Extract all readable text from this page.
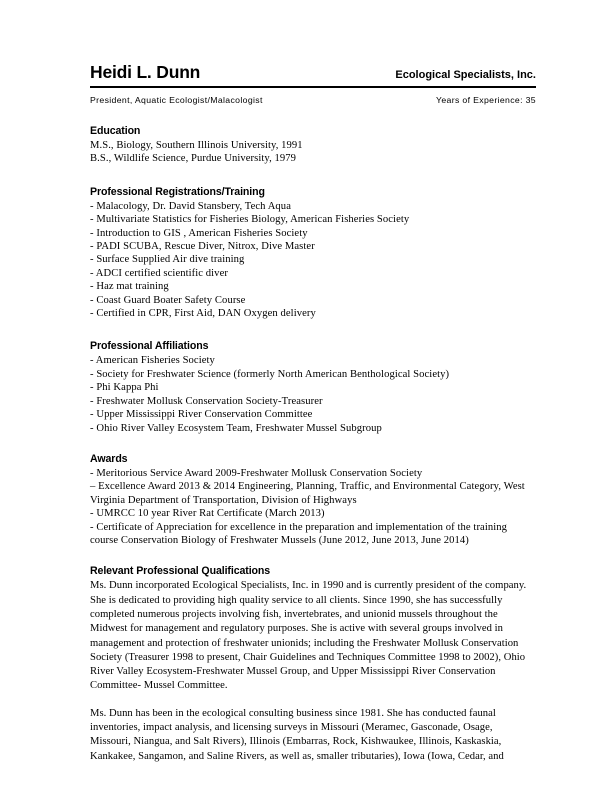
Heidi L. Dunn	Ecological Specialists, Inc.
President, Aquatic Ecologist/Malacologist	Years of Experience: 35
Education
M.S., Biology, Southern Illinois University, 1991
B.S., Wildlife Science, Purdue University, 1979
Professional Registrations/Training
- Malacology, Dr. David Stansbery, Tech Aqua
- Multivariate Statistics for Fisheries Biology, American Fisheries Society
- Introduction to GIS , American Fisheries Society
- PADI SCUBA, Rescue Diver, Nitrox, Dive Master
- Surface Supplied Air dive training
- ADCI certified scientific diver
- Haz mat training
- Coast Guard Boater Safety Course
- Certified in CPR, First Aid, DAN Oxygen delivery
Professional Affiliations
- American Fisheries Society
- Society for Freshwater Science (formerly North American Benthological Society)
- Phi Kappa Phi
- Freshwater Mollusk Conservation Society-Treasurer
- Upper Mississippi River Conservation Committee
- Ohio River Valley Ecosystem Team, Freshwater Mussel Subgroup
Awards
- Meritorious Service Award 2009-Freshwater Mollusk Conservation Society
– Excellence Award 2013 & 2014 Engineering, Planning, Traffic, and Environmental Category, West Virginia Department of Transportation, Division of Highways
- UMRCC 10 year River Rat Certificate (March 2013)
- Certificate of Appreciation for excellence in the preparation and implementation of the training course Conservation Biology of Freshwater Mussels (June 2012, June 2013, June 2014)
Relevant Professional Qualifications
Ms. Dunn incorporated Ecological Specialists, Inc. in 1990 and is currently president of the company. She is dedicated to providing high quality service to all clients. Since 1990, she has successfully completed numerous projects involving fish, invertebrates, and unionid mussels throughout the Midwest for management and regulatory purposes. She is active with several groups involved in management and protection of freshwater unionids; including the Freshwater Mollusk Conservation Society (Treasurer 1998 to present, Chair Guidelines and Techniques Committee 1998 to 2002), Ohio River Valley Ecosystem-Freshwater Mussel Group, and Upper Mississippi River Conservation Committee- Mussel Committee.
Ms. Dunn has been in the ecological consulting business since 1981. She has conducted faunal inventories, impact analysis, and licensing surveys in Missouri (Meramec, Gasconade, Osage, Missouri, Niangua, and Salt Rivers), Illinois (Embarras, Rock, Kishwaukee, Illinois, Kaskaskia, Kankakee, Sangamon, and Saline Rivers, as well as, smaller tributaries), Iowa (Iowa, Cedar, and
